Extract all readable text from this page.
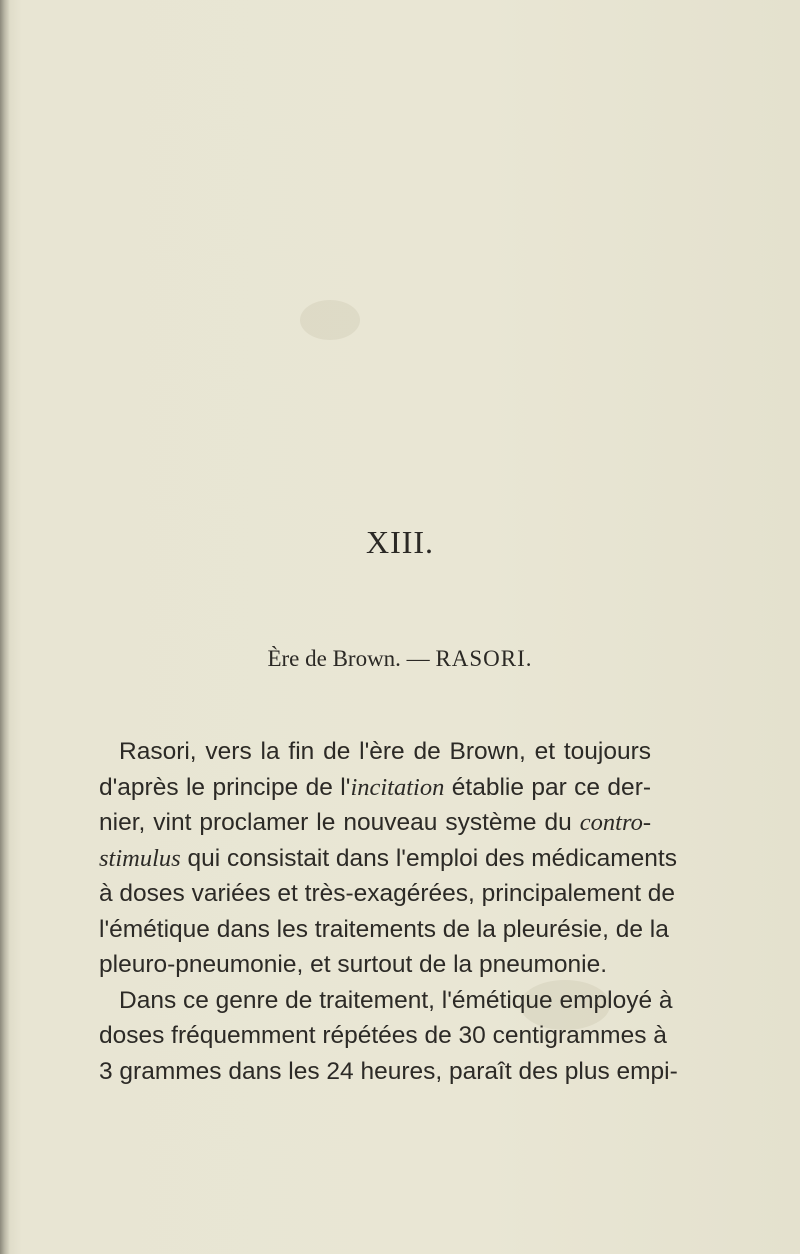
XIII.
Ère de Brown. — RASORI.
Rasori, vers la fin de l'ère de Brown, et toujours
d'après le principe de l'incitation établie par ce der-
nier, vint proclamer le nouveau système du contro-
stimulus qui consistait dans l'emploi des médicaments
à doses variées et très-exagérées, principalement de
l'émétique dans les traitements de la pleurésie, de la
pleuro-pneumonie, et surtout de la pneumonie.
Dans ce genre de traitement, l'émétique employé à
doses fréquemment répétées de 30 centigrammes à
3 grammes dans les 24 heures, paraît des plus empi-
